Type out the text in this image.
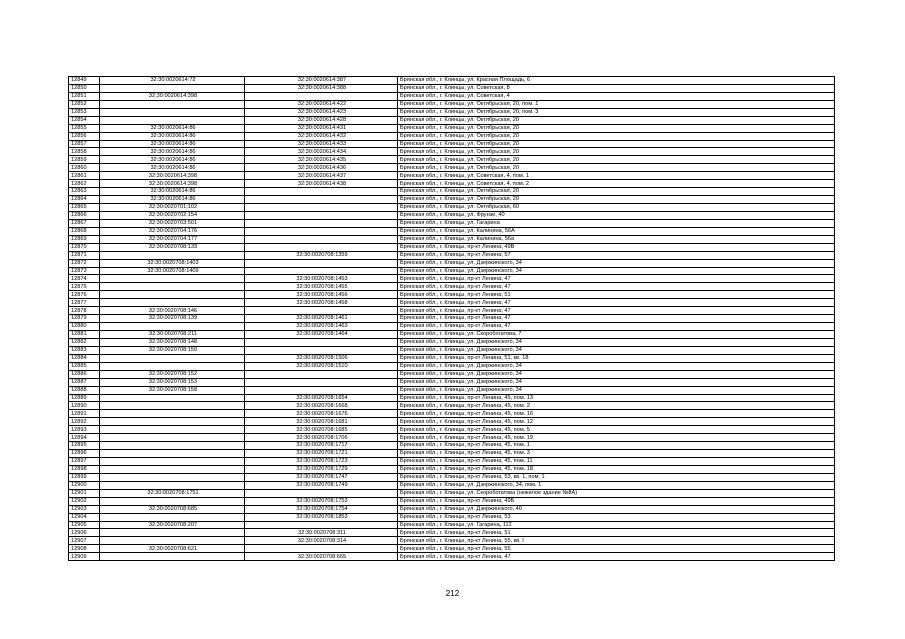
12849	32:30:0020614:72	32:30:0020614:387	Брянская обл., г. Клинцы, ул. Красная Площадь, 6
12850		32:30:0020614:388	Брянская обл., г. Клинцы, ул. Советская, 8
12851	32:30:0020614:398		Брянская обл., г. Клинцы, ул. Советская, 4
12852		32:30:0020614:422	Брянская обл., г. Клинцы, ул. Октябрьская, 20, пом. 1
12853		32:30:0020614:423	Брянская обл., г. Клинцы, ул. Октябрьская, 20, пом. 3
12854		32:30:0020614:428	Брянская обл., г. Клинцы, ул. Октябрьская, 20
12855	32:30:0020614:86	32:30:0020614:431	Брянская обл., г. Клинцы, ул. Октябрьская, 20
12856	32:30:0020614:86	32:30:0020614:432	Брянская обл., г. Клинцы, ул. Октябрьская, 20
12857	32:30:0020614:86	32:30:0020614:433	Брянская обл., г. Клинцы, ул. Октябрьская, 20
12858	32:30:0020614:86	32:30:0020614:434	Брянская обл., г. Клинцы, ул. Октябрьская, 20
12859	32:30:0020614:86	32:30:0020614:435	Брянская обл., г. Клинцы, ул. Октябрьская, 20
12860	32:30:0020614:86	32:30:0020614:436	Брянская обл., г. Клинцы, ул. Октябрьская, 20
12861	32:30:0020614:398	32:30:0020614:437	Брянская обл., г. Клинцы, ул. Советская, 4, пом. 1
12862	32:30:0020614:398	32:30:0020614:438	Брянская обл., г. Клинцы, ул. Советская, 4, пом. 2
12863	32:30:0020614:86		Брянская обл., г. Клинцы, ул. Октябрьская, 20
12864	32:30:0020614:86		Брянская обл., г. Клинцы, ул. Октябрьская, 20
12865	32:30:0020701:102		Брянская обл., г. Клинцы, ул. Октябрьская, 60
12866	32:30:0020702:154		Брянская обл., г. Клинцы, ул. Фрунзе, 40
12867	32:30:0020703:501		Брянская обл., г. Клинцы, ул. Гагарина
12868	32:30:0020704:176		Брянская обл., г. Клинцы, ул. Калинина, 56А
12869	32:30:0020704:177		Брянская обл., г. Клинцы, ул. Калинина, 56а
12870	32:30:0020708:133		Брянская обл., г. Клинцы, пр-кт Ленина, 49В
12871		32:30:0020708:1359	Брянская обл., г. Клинцы, пр-кт Ленина, 57
12872	32:30:0020708:1403		Брянская обл., г. Клинцы, ул. Дзержинского, 34
12873	32:30:0020708:1409		Брянская обл., г. Клинцы, ул. Дзержинского, 34
12874		32:30:0020708:1453	Брянская обл., г. Клинцы, пр-кт Ленина, 47
12875		32:30:0020708:1455	Брянская обл., г. Клинцы, пр-кт Ленина, 47
12876		32:30:0020708:1456	Брянская обл., г. Клинцы, пр-кт Ленина, 51
12877		32:30:0020708:1458	Брянская обл., г. Клинцы, пр-кт Ленина, 47
12878	32:30:0020708:146		Брянская обл., г. Клинцы, пр-кт Ленина, 47
12879	32:30:0020708:139	32:30:0020708:1461	Брянская обл., г. Клинцы, пр-кт Ленина, 47
12880		32:30:0020708:1463	Брянская обл., г. Клинцы, пр-кт Ленина, 47
12881	32:30:0020708:211	32:30:0020708:1464	Брянская обл., г. Клинцы, ул. Скоробогатова, 7
12882	32:30:0020708:148		Брянская обл., г. Клинцы, ул. Дзержинского, 34
12883	32:30:0020708:150		Брянская обл., г. Клинцы, ул. Дзержинского, 34
12884		32:30:0020708:1506	Брянская обл., г. Клинцы, пр-кт Ленина, 51, кв. 18
12885		32:30:0020708:1510	Брянская обл., г. Клинцы, ул. Дзержинского, 34
12886	32:30:0020708:152		Брянская обл., г. Клинцы, ул. Дзержинского, 34
12887	32:30:0020708:153		Брянская обл., г. Клинцы, ул. Дзержинского, 34
12888	32:30:0020708:158		Брянская обл., г. Клинцы, ул. Дзержинского, 34
12889		32:30:0020708:1654	Брянская обл., г. Клинцы, пр-кт Ленина, 45, пом. 13
12890		32:30:0020708:1668	Брянская обл., г. Клинцы, пр-кт Ленина, 45, пом. 2
12891		32:30:0020708:1676	Брянская обл., г. Клинцы, пр-кт Ленина, 45, пом. 16
12892		32:30:0020708:1681	Брянская обл., г. Клинцы, пр-кт Ленина, 45, пом. 12
12893		32:30:0020708:1685	Брянская обл., г. Клинцы, пр-кт Ленина, 45, пом. 5
12894		32:30:0020708:1706	Брянская обл., г. Клинцы, пр-кт Ленина, 45, пом. 19
12895		32:30:0020708:1717	Брянская обл., г. Клинцы, пр-кт Ленина, 45, пом. 1
12896		32:30:0020708:1721	Брянская обл., г. Клинцы, пр-кт Ленина, 45, пом. 3
12897		32:30:0020708:1723	Брянская обл., г. Клинцы, пр-кт Ленина, 45, пом. 11
12898		32:30:0020708:1729	Брянская обл., г. Клинцы, пр-кт Ленина, 45, пом. 18
12899		32:30:0020708:1747	Брянская обл., г. Клинцы, пр-кт Ленина, 53, кв. 1, пом. 1
12900		32:30:0020708:1749	Брянская обл., г. Клинцы, ул. Дзержинского, 34, пом. 1
12901	32:30:0020708:1751		Брянская обл., г. Клинцы, ул. Скоробогатова (нежилое здание №8А)
12902		32:30:0020708:1753	Брянская обл., г. Клинцы, пр-кт Ленина, 49Б
12903	32:30:0020708:685	32:30:0020708:1754	Брянская обл., г. Клинцы, ул. Дзержинского, 40
12904		32:30:0020708:1853	Брянская обл., г. Клинцы, пр-кт Ленина, 53
12905	32:30:0020708:207		Брянская обл., г. Клинцы, ул. Гагарина, 112
12906		32:30:0020708:311	Брянская обл., г. Клинцы, пр-кт Ленина, 51
12907		32:30:0020708:314	Брянская обл., г. Клинцы, пр-кт Ленина, 55, кв. I
12908	32:30:0020708:621		Брянская обл., г. Клинцы, пр-кт Ленина, 55
12909		32:30:0020708:665	Брянская обл., г. Клинцы, пр-кт Ленина, 47
212
